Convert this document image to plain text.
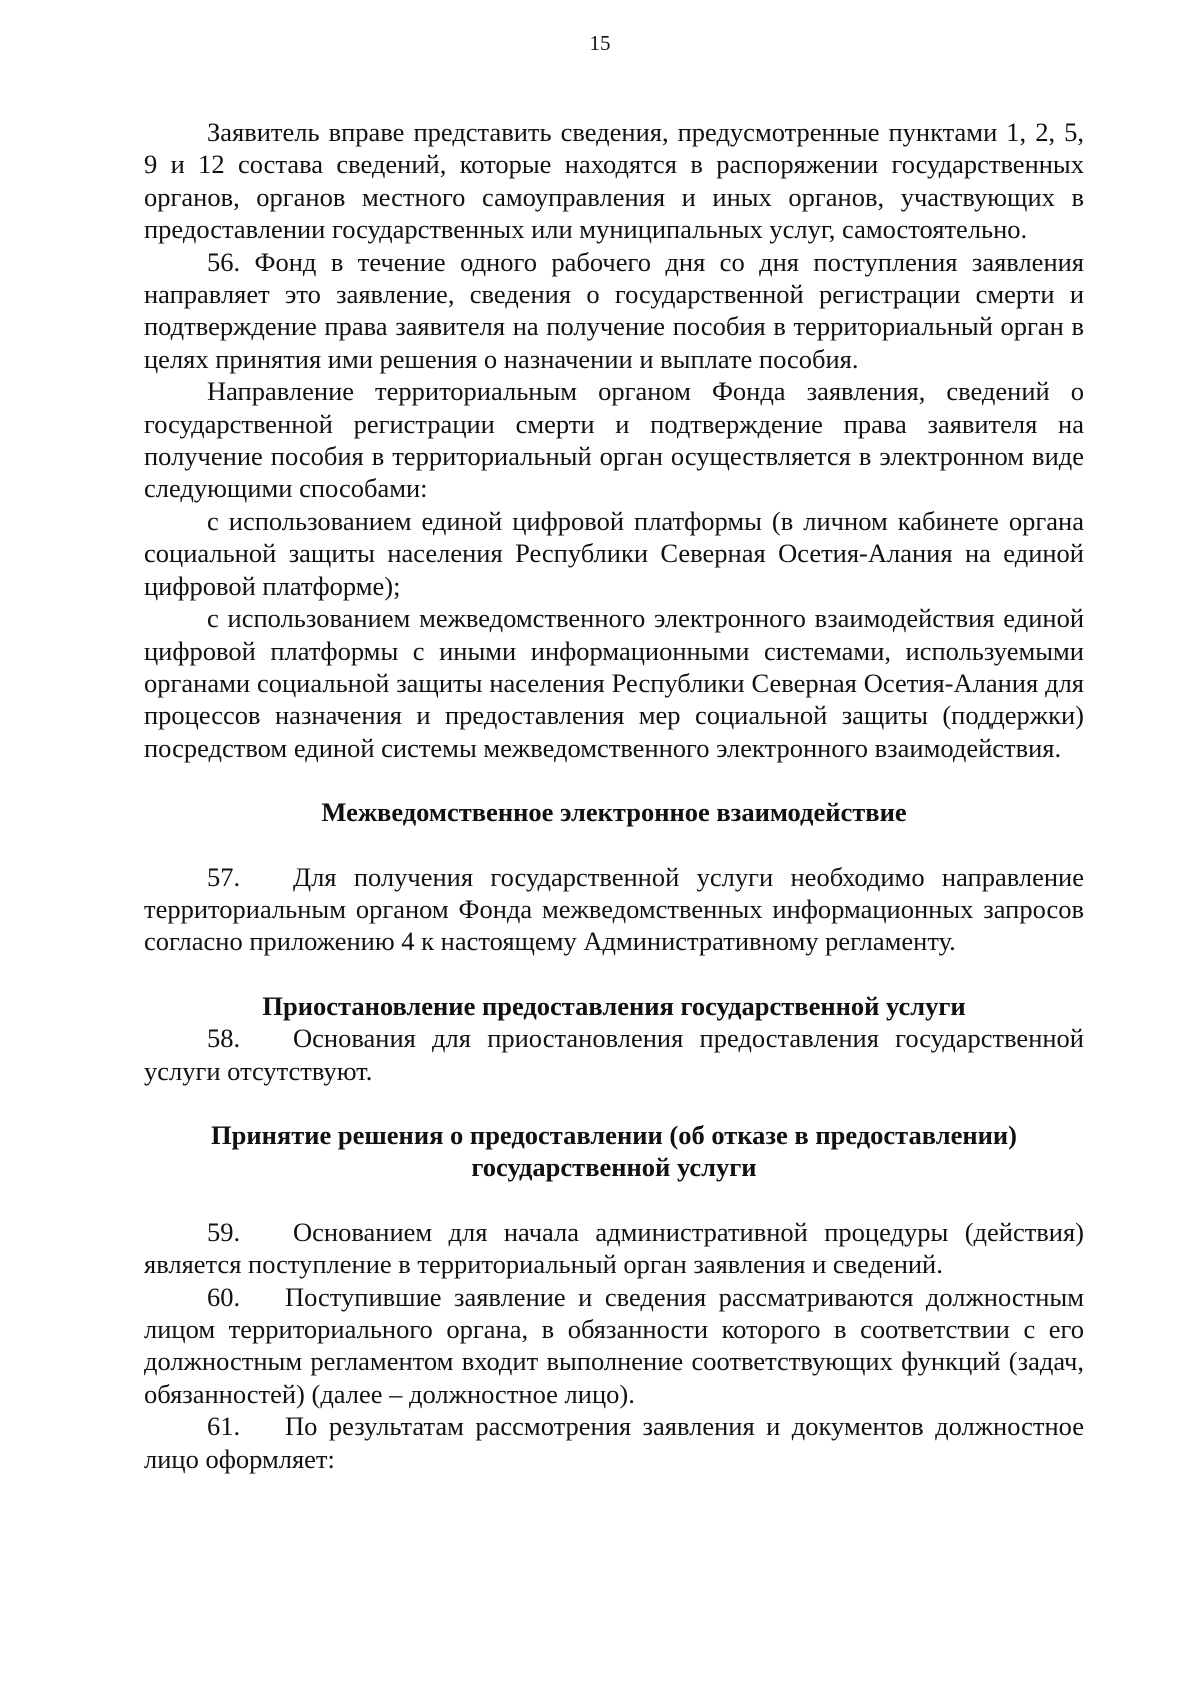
15

Заявитель вправе представить сведения, предусмотренные пунктами 1, 2, 5, 9 и 12 состава сведений, которые находятся в распоряжении государственных органов, органов местного самоуправления и иных органов, участвующих в предоставлении государственных или муниципальных услуг, самостоятельно.

56. Фонд в течение одного рабочего дня со дня поступления заявления направляет это заявление, сведения о государственной регистрации смерти и подтверждение права заявителя на получение пособия в территориальный орган в целях принятия ими решения о назначении и выплате пособия.

Направление территориальным органом Фонда заявления, сведений о государственной регистрации смерти и подтверждение права заявителя на получение пособия в территориальный орган осуществляется в электронном виде следующими способами:

с использованием единой цифровой платформы (в личном кабинете органа социальной защиты населения Республики Северная Осетия-Алания на единой цифровой платформе);

с использованием межведомственного электронного взаимодействия единой цифровой платформы с иными информационными системами, используемыми органами социальной защиты населения Республики Северная Осетия-Алания для процессов назначения и предоставления мер социальной защиты (поддержки) посредством единой системы межведомственного электронного взаимодействия.

Межведомственное электронное взаимодействие

57. Для получения государственной услуги необходимо направление территориальным органом Фонда межведомственных информационных запросов согласно приложению 4 к настоящему Административному регламенту.

Приостановление предоставления государственной услуги

58. Основания для приостановления предоставления государственной услуги отсутствуют.

Принятие решения о предоставлении (об отказе в предоставлении)
государственной услуги

59. Основанием для начала административной процедуры (действия) является поступление в территориальный орган заявления и сведений.

60. Поступившие заявление и сведения рассматриваются должностным лицом территориального органа, в обязанности которого в соответствии с его должностным регламентом входит выполнение соответствующих функций (задач, обязанностей) (далее – должностное лицо).

61. По результатам рассмотрения заявления и документов должностное лицо оформляет:
